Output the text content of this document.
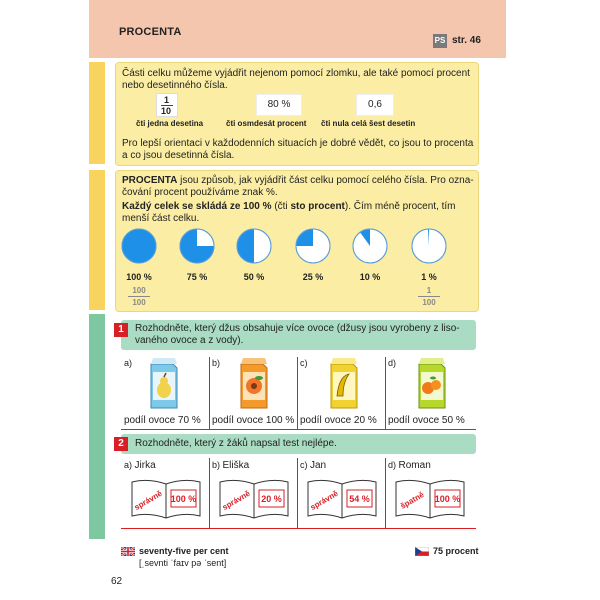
PROCENTA
PS str. 46
Části celku můžeme vyjádřit nejenom pomocí zlomku, ale také pomocí procent
nebo desetinného čísla.
1
10
čti jedna desetina
80 %
čti osmdesát procent
0,6
čti nula celá šest desetin
Pro lepší orientaci v každodenních situacích je dobré vědět, co jsou to procenta
a co jsou desetinná čísla.
PROCENTA jsou způsob, jak vyjádřit část celku pomocí celého čísla. Pro ozna-
čování procent používáme znak %.
Každý celek se skládá ze 100 % (čti sto procent). Čím méně procent, tím
menší část celku.
100 %
100
100
75 %	50 %	25 %	10 %	1 %
1
100
1	Rozhodněte, který džus obsahuje více ovoce (džusy jsou vyrobeny z liso-
vaného ovoce a z vody).
a)
podíl ovoce 70 %
b)
podíl ovoce 100 %
c)
podíl ovoce 20 %
d)
podíl ovoce 50 %
2	Rozhodněte, který z žáků napsal test nejlépe.
a) Jirka
správně 100 %
b) Eliška
správně 20 %
c) Jan
správně 54 %
d) Roman
špatně 100 %
seventy-five per cent
[ˌsevnti ˈfaɪv pə ˈsent]
75 procent
62
